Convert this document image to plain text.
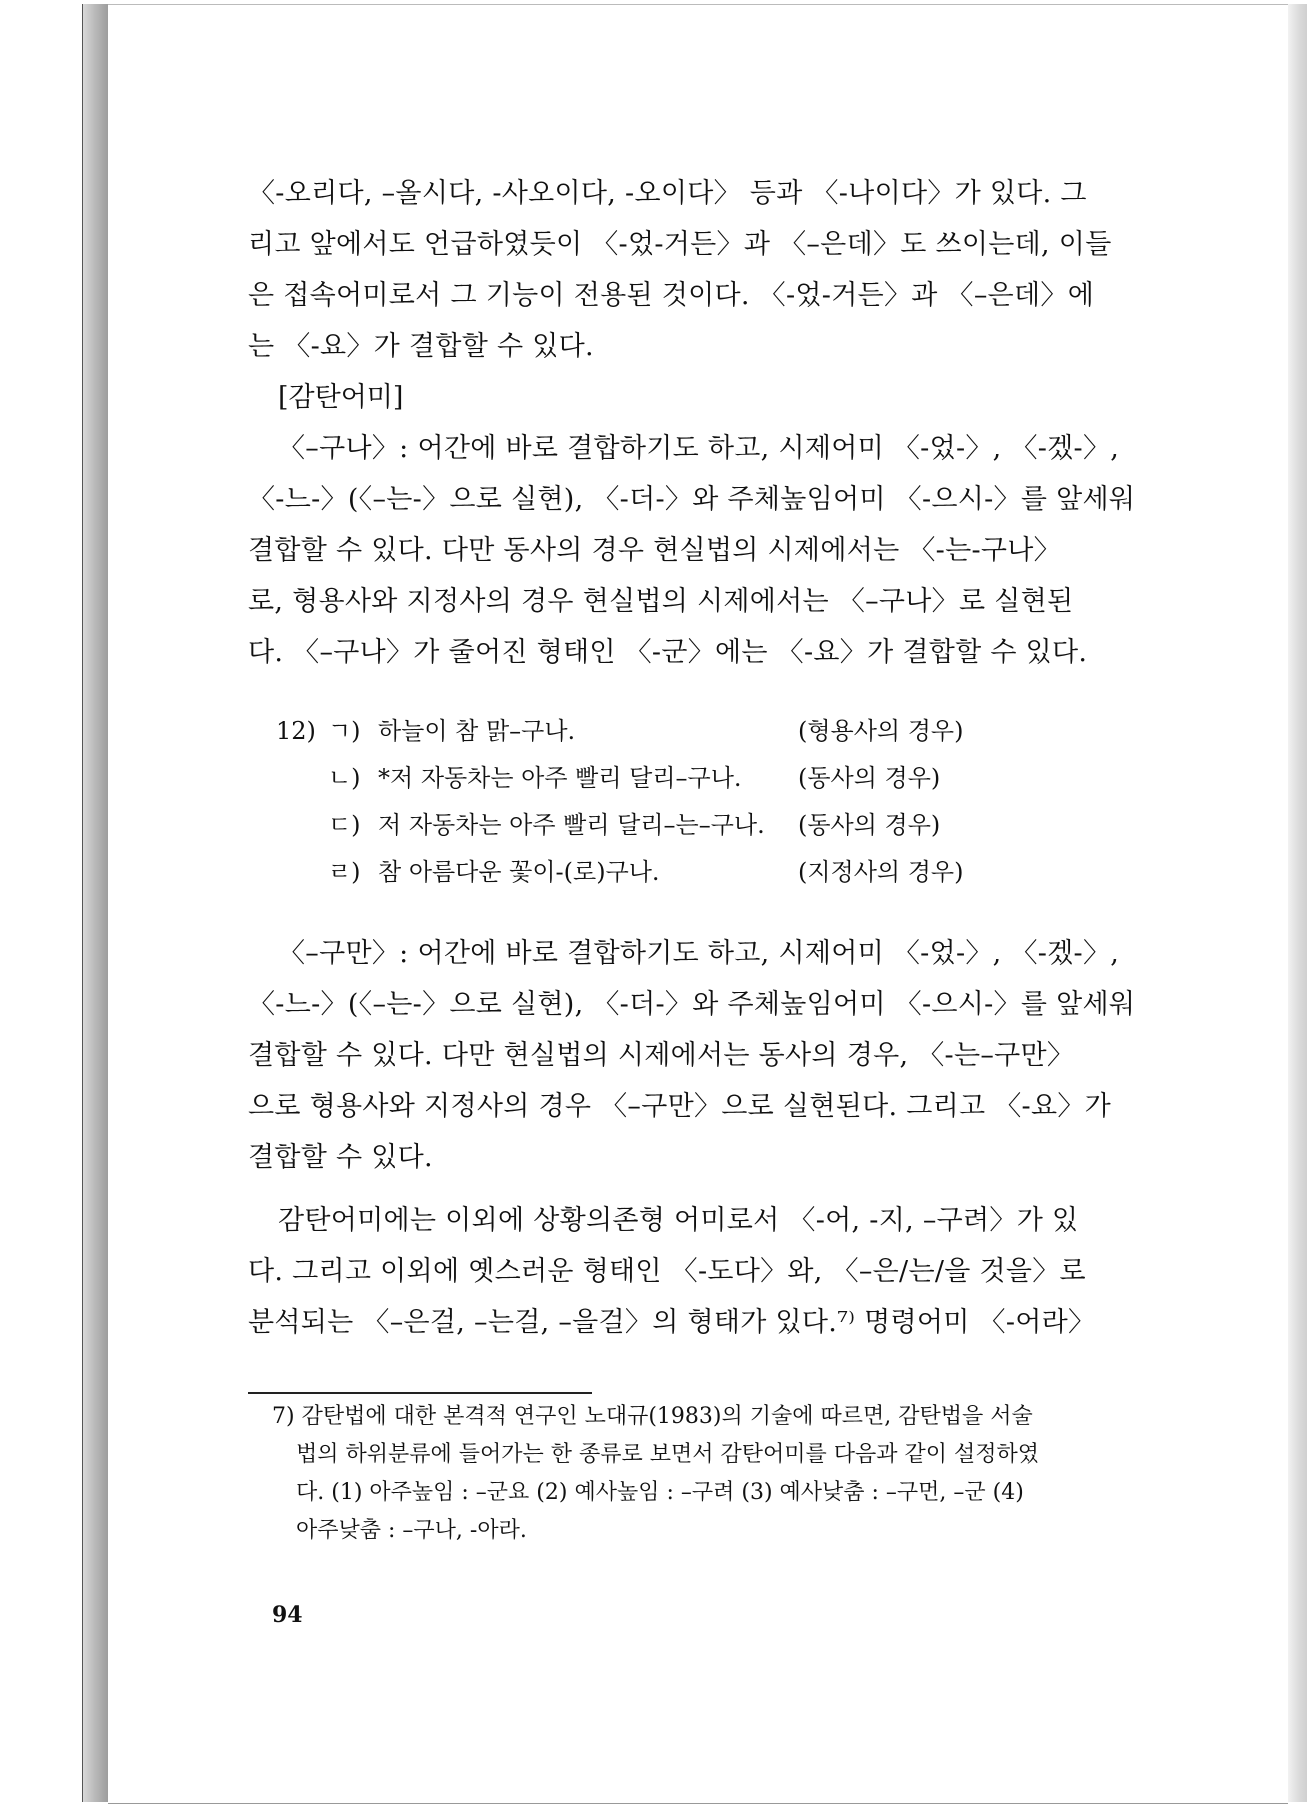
〈-오리다, –올시다, -사오이다, -오이다〉 등과 〈-나이다〉가 있다. 그
리고 앞에서도 언급하였듯이 〈-었-거든〉과 〈–은데〉도 쓰이는데, 이들
은 접속어미로서 그 기능이 전용된 것이다. 〈-었-거든〉과 〈–은데〉에
는 〈-요〉가 결합할 수 있다.

[감탄어미]

〈–구나〉: 어간에 바로 결합하기도 하고, 시제어미 〈-었-〉, 〈-겠-〉,
〈-느-〉(〈–는-〉으로 실현), 〈-더-〉와 주체높임어미 〈-으시-〉를 앞세워
결합할 수 있다. 다만 동사의 경우 현실법의 시제에서는 〈-는-구나〉
로, 형용사와 지정사의 경우 현실법의 시제에서는 〈–구나〉로 실현된
다. 〈–구나〉가 줄어진 형태인 〈-군〉에는 〈-요〉가 결합할 수 있다.

12) ㄱ) 하늘이 참 맑–구나.	(형용사의 경우)
ㄴ) *저 자동차는 아주 빨리 달리–구나.	(동사의 경우)
ㄷ) 저 자동차는 아주 빨리 달리–는–구나.	(동사의 경우)
ㄹ) 참 아름다운 꽃이-(로)구나.	(지정사의 경우)

〈–구만〉: 어간에 바로 결합하기도 하고, 시제어미 〈-었-〉, 〈-겠-〉,
〈-느-〉(〈–는-〉으로 실현), 〈-더-〉와 주체높임어미 〈-으시-〉를 앞세워
결합할 수 있다. 다만 현실법의 시제에서는 동사의 경우, 〈-는–구만〉
으로 형용사와 지정사의 경우 〈–구만〉으로 실현된다. 그리고 〈-요〉가
결합할 수 있다.

감탄어미에는 이외에 상황의존형 어미로서 〈-어, -지, –구려〉가 있
다. 그리고 이외에 옛스러운 형태인 〈-도다〉와, 〈–은/는/을 것을〉로
분석되는 〈–은걸, –는걸, –을걸〉의 형태가 있다.⁷⁾ 명령어미 〈-어라〉

7) 감탄법에 대한 본격적 연구인 노대규(1983)의 기술에 따르면, 감탄법을 서술
법의 하위분류에 들어가는 한 종류로 보면서 감탄어미를 다음과 같이 설정하였
다. (1) 아주높임 : –군요 (2) 예사높임 : –구려 (3) 예사낮춤 : –구먼, –군 (4)
아주낮춤 : –구나, -아라.
94
